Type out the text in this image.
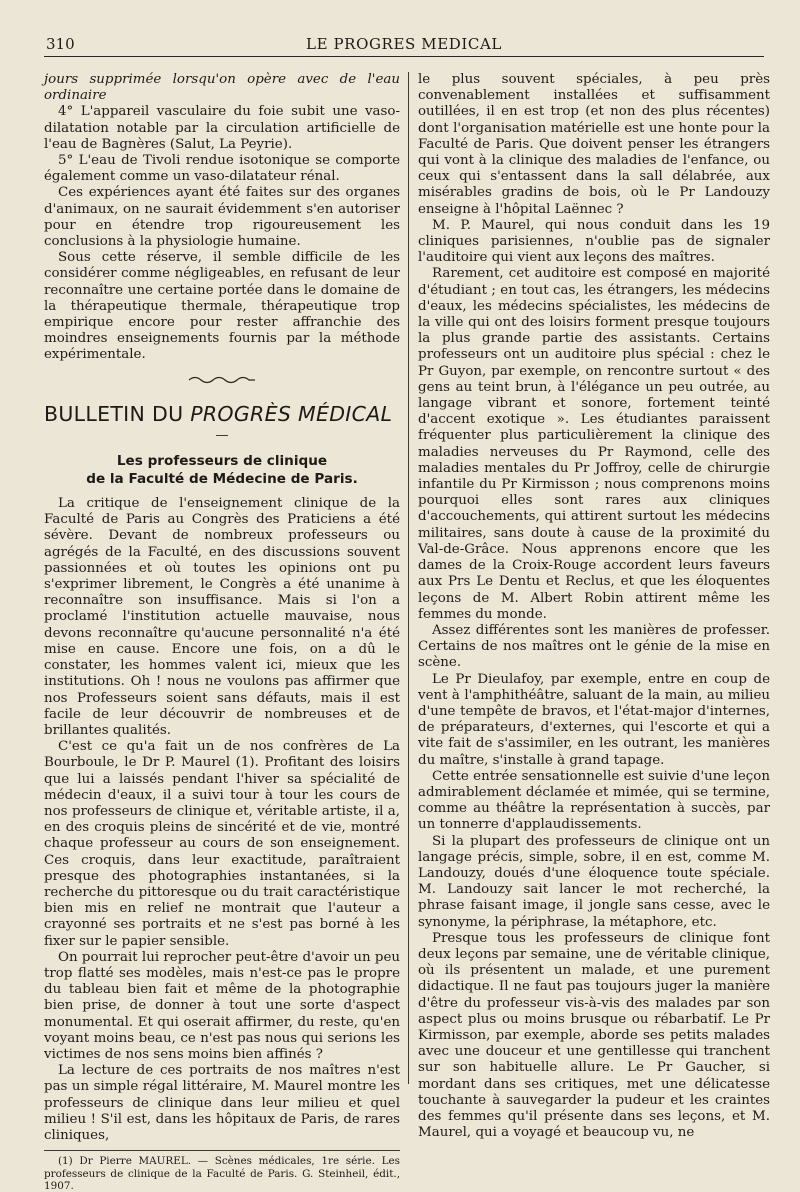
310	LE PROGRES MEDICAL

jours supprimée lorsqu'on opère avec de l'eau ordinaire

4° L'appareil vasculaire du foie subit une vaso-dilatation notable par la circulation artificielle de l'eau de Bagnères (Salut, La Peyrie).

5° L'eau de Tivoli rendue isotonique se comporte également comme un vaso-dilatateur rénal.

Ces expériences ayant été faites sur des organes d'animaux, on ne saurait évidemment s'en autoriser pour en étendre trop rigoureusement les conclusions à la physiologie humaine.

Sous cette réserve, il semble difficile de les considérer comme négligeables, en refusant de leur reconnaître une certaine portée dans le domaine de la thérapeutique thermale, thérapeutique trop empirique encore pour rester affranchie des moindres enseignements fournis par la méthode expérimentale.

BULLETIN DU PROGRÈS MÉDICAL
—
Les professeurs de clinique
de la Faculté de Médecine de Paris.

La critique de l'enseignement clinique de la Faculté de Paris au Congrès des Praticiens a été sévère. Devant de nombreux professeurs ou agrégés de la Faculté, en des discussions souvent passionnées et où toutes les opinions ont pu s'exprimer librement, le Congrès a été unanime à reconnaître son insuffisance. Mais si l'on a proclamé l'institution actuelle mauvaise, nous devons reconnaître qu'aucune personnalité n'a été mise en cause. Encore une fois, on a dû le constater, les hommes valent ici, mieux que les institutions. Oh ! nous ne voulons pas affirmer que nos Professeurs soient sans défauts, mais il est facile de leur découvrir de nombreuses et de brillantes qualités.

C'est ce qu'a fait un de nos confrères de La Bourboule, le Dr P. Maurel (1). Profitant des loisirs que lui a laissés pendant l'hiver sa spécialité de médecin d'eaux, il a suivi tour à tour les cours de nos professeurs de clinique et, véritable artiste, il a, en des croquis pleins de sincérité et de vie, montré chaque professeur au cours de son enseignement. Ces croquis, dans leur exactitude, paraîtraient presque des photographies instantanées, si la recherche du pittoresque ou du trait caractéristique bien mis en relief ne montrait que l'auteur a crayonné ses portraits et ne s'est pas borné à les fixer sur le papier sensible.

On pourrait lui reprocher peut-être d'avoir un peu trop flatté ses modèles, mais n'est-ce pas le propre du tableau bien fait et même de la photographie bien prise, de donner à tout une sorte d'aspect monumental. Et qui oserait affirmer, du reste, qu'en voyant moins beau, ce n'est pas nous qui serions les victimes de nos sens moins bien affinés ?

La lecture de ces portraits de nos maîtres n'est pas un simple régal littéraire, M. Maurel montre les professeurs de clinique dans leur milieu et quel milieu ! S'il est, dans les hôpitaux de Paris, de rares cliniques,

(1) Dr Pierre MAUREL. — Scènes médicales, 1re série. Les professeurs de clinique de la Faculté de Paris. G. Steinheil, édit., 1907.

le plus souvent spéciales, à peu près convenablement installées et suffisamment outillées, il en est trop (et non des plus récentes) dont l'organisation matérielle est une honte pour la Faculté de Paris. Que doivent penser les étrangers qui vont à la clinique des maladies de l'enfance, ou ceux qui s'entassent dans la sall délabrée, aux misérables gradins de bois, où le Pr Landouzy enseigne à l'hôpital Laënnec ?

M. P. Maurel, qui nous conduit dans les 19 cliniques parisiennes, n'oublie pas de signaler l'auditoire qui vient aux leçons des maîtres.

Rarement, cet auditoire est composé en majorité d'étudiant ; en tout cas, les étrangers, les médecins d'eaux, les médecins spécialistes, les médecins de la ville qui ont des loisirs forment presque toujours la plus grande partie des assistants. Certains professeurs ont un auditoire plus spécial : chez le Pr Guyon, par exemple, on rencontre surtout « des gens au teint brun, à l'élégance un peu outrée, au langage vibrant et sonore, fortement teinté d'accent exotique ». Les étudiantes paraissent fréquenter plus particulièrement la clinique des maladies nerveuses du Pr Raymond, celle des maladies mentales du Pr Joffroy, celle de chirurgie infantile du Pr Kirmisson ; nous comprenons moins pourquoi elles sont rares aux cliniques d'accouchements, qui attirent surtout les médecins militaires, sans doute à cause de la proximité du Val-de-Grâce. Nous apprenons encore que les dames de la Croix-Rouge accordent leurs faveurs aux Prs Le Dentu et Reclus, et que les éloquentes leçons de M. Albert Robin attirent même les femmes du monde.

Assez différentes sont les manières de professer. Certains de nos maîtres ont le génie de la mise en scène.

Le Pr Dieulafoy, par exemple, entre en coup de vent à l'amphithéâtre, saluant de la main, au milieu d'une tempête de bravos, et l'état-major d'internes, de préparateurs, d'externes, qui l'escorte et qui a vite fait de s'assimiler, en les outrant, les manières du maître, s'installe à grand tapage.

Cette entrée sensationnelle est suivie d'une leçon admirablement déclamée et mimée, qui se termine, comme au théâtre la représentation à succès, par un tonnerre d'applaudissements.

Si la plupart des professeurs de clinique ont un langage précis, simple, sobre, il en est, comme M. Landouzy, doués d'une éloquence toute spéciale. M. Landouzy sait lancer le mot recherché, la phrase faisant image, il jongle sans cesse, avec le synonyme, la périphrase, la métaphore, etc.

Presque tous les professeurs de clinique font deux leçons par semaine, une de véritable clinique, où ils présentent un malade, et une purement didactique. Il ne faut pas toujours juger la manière d'être du professeur vis-à-vis des malades par son aspect plus ou moins brusque ou rébarbatif. Le Pr Kirmisson, par exemple, aborde ses petits malades avec une douceur et une gentillesse qui tranchent sur son habituelle allure. Le Pr Gaucher, si mordant dans ses critiques, met une délicatesse touchante à sauvegarder la pudeur et les craintes des femmes qu'il présente dans ses leçons, et M. Maurel, qui a voyagé et beaucoup vu, ne
